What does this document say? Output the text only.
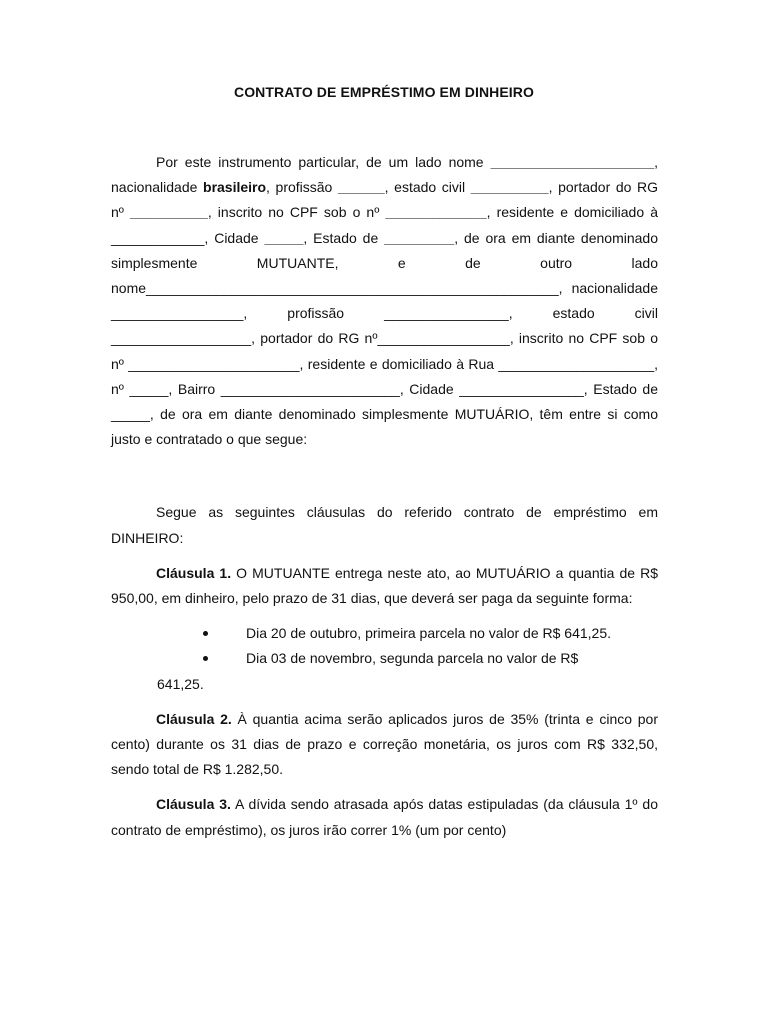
CONTRATO DE EMPRÉSTIMO EM DINHEIRO

Por este instrumento particular, de um lado nome _____________________, nacionalidade brasileiro, profissão ______, estado civil __________, portador do RG nº __________, inscrito no CPF sob o nº _____________, residente e domiciliado à ____________, Cidade _____, Estado de _________, de ora em diante denominado simplesmente MUTUANTE, e de outro lado nome_____________________________________________________, nacionalidade _________________, profissão ________________, estado civil __________________, portador do RG nº_________________, inscrito no CPF sob o nº ______________________, residente e domiciliado à Rua ____________________, nº _____, Bairro _______________________, Cidade ________________, Estado de _____, de ora em diante denominado simplesmente MUTUÁRIO, têm entre si como justo e contratado o que segue:

Segue as seguintes cláusulas do referido contrato de empréstimo em DINHEIRO:

Cláusula 1. O MUTUANTE entrega neste ato, ao MUTUÁRIO a quantia de R$ 950,00, em dinheiro, pelo prazo de 31 dias, que deverá ser paga da seguinte forma:

Dia 20 de outubro, primeira parcela no valor de R$ 641,25.
Dia 03 de novembro, segunda parcela no valor de R$
641,25.

Cláusula 2. À quantia acima serão aplicados juros de 35% (trinta e cinco por cento) durante os 31 dias de prazo e correção monetária, os juros com R$ 332,50, sendo total de R$ 1.282,50.

Cláusula 3. A dívida sendo atrasada após datas estipuladas (da cláusula 1º do contrato de empréstimo), os juros irão correr 1% (um por cento)
